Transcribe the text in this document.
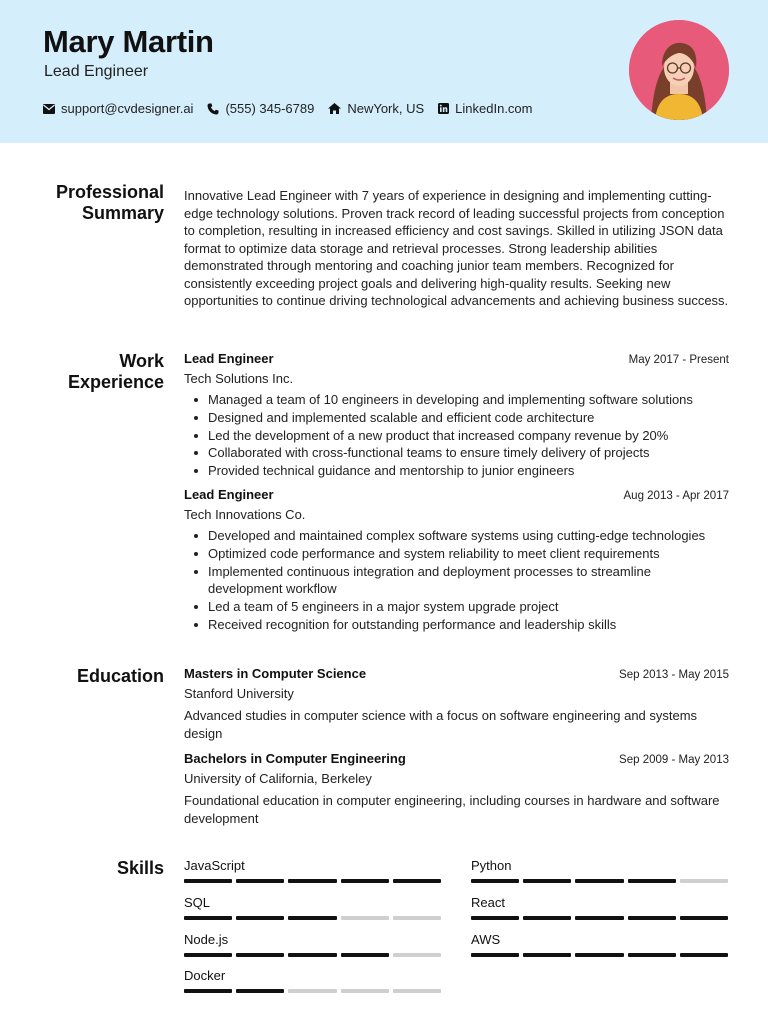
Mary Martin
Lead Engineer
support@cvdesigner.ai (555) 345-6789	NewYork, US LinkedIn.com
Professional
Summary
Innovative Lead Engineer with 7 years of experience in designing and implementing cutting-edge technology solutions. Proven track record of leading successful projects from conception to completion, resulting in increased efficiency and cost savings. Skilled in utilizing JSON data format to optimize data storage and retrieval processes. Strong leadership abilities demonstrated through mentoring and coaching junior team members. Recognized for consistently exceeding project goals and delivering high-quality results. Seeking new opportunities to continue driving technological advancements and achieving business success.
Work
Experience
Lead Engineer	May 2017 - Present
Tech Solutions Inc.
Managed a team of 10 engineers in developing and implementing software solutions
Designed and implemented scalable and efficient code architecture
Led the development of a new product that increased company revenue by 20%
Collaborated with cross-functional teams to ensure timely delivery of projects
Provided technical guidance and mentorship to junior engineers
Lead Engineer	Aug 2013 - Apr 2017
Tech Innovations Co.
Developed and maintained complex software systems using cutting-edge technologies
Optimized code performance and system reliability to meet client requirements
Implemented continuous integration and deployment processes to streamline development workflow
Led a team of 5 engineers in a major system upgrade project
Received recognition for outstanding performance and leadership skills
Education Masters in Computer Science	Sep 2013 - May 2015
Stanford University
Advanced studies in computer science with a focus on software engineering and systems design
Bachelors in Computer Engineering	Sep 2009 - May 2013
University of California, Berkeley
Foundational education in computer engineering, including courses in hardware and software development
Skills JavaScript	Python
SQL	React
Node.js	AWS
Docker
